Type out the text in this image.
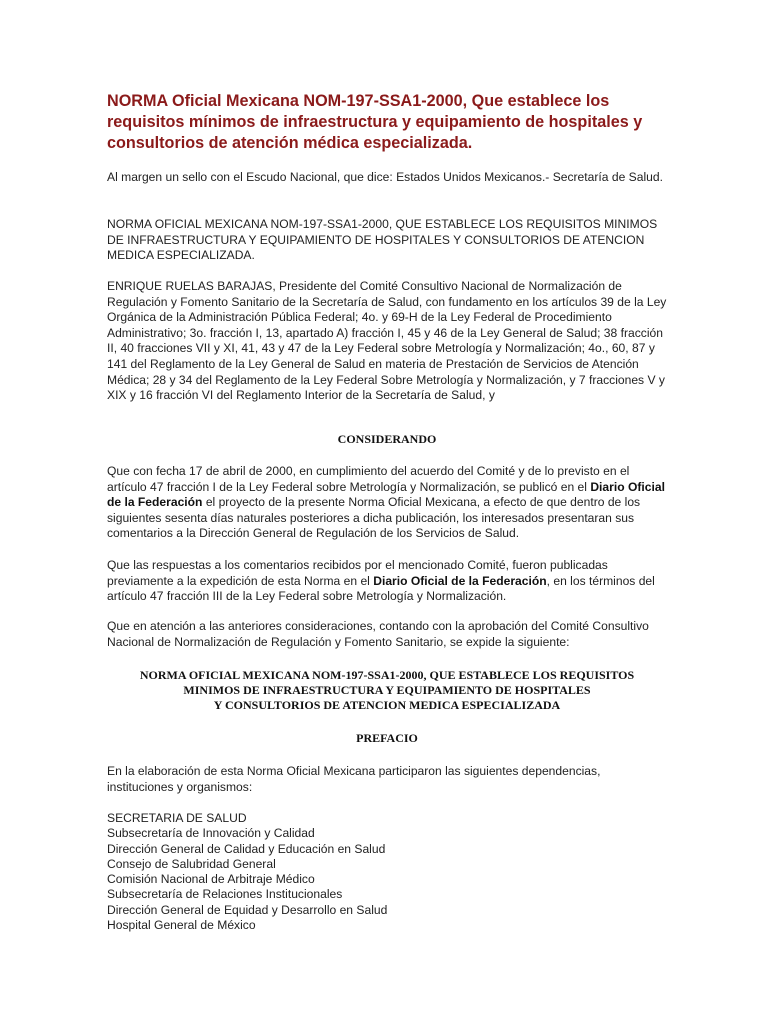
NORMA Oficial Mexicana NOM-197-SSA1-2000, Que establece los requisitos mínimos de infraestructura y equipamiento de hospitales y consultorios de atención médica especializada.

Al margen un sello con el Escudo Nacional, que dice: Estados Unidos Mexicanos.- Secretaría de Salud.

NORMA OFICIAL MEXICANA NOM-197-SSA1-2000, QUE ESTABLECE LOS REQUISITOS MINIMOS DE INFRAESTRUCTURA Y EQUIPAMIENTO DE HOSPITALES Y CONSULTORIOS DE ATENCION MEDICA ESPECIALIZADA.

ENRIQUE RUELAS BARAJAS, Presidente del Comité Consultivo Nacional de Normalización de Regulación y Fomento Sanitario de la Secretaría de Salud, con fundamento en los artículos 39 de la Ley Orgánica de la Administración Pública Federal; 4o. y 69-H de la Ley Federal de Procedimiento Administrativo; 3o. fracción I, 13, apartado A) fracción I, 45 y 46 de la Ley General de Salud; 38 fracción II, 40 fracciones VII y XI, 41, 43 y 47 de la Ley Federal sobre Metrología y Normalización; 4o., 60, 87 y 141 del Reglamento de la Ley General de Salud en materia de Prestación de Servicios de Atención Médica; 28 y 34 del Reglamento de la Ley Federal Sobre Metrología y Normalización, y 7 fracciones V y XIX y 16 fracción VI del Reglamento Interior de la Secretaría de Salud, y

CONSIDERANDO

Que con fecha 17 de abril de 2000, en cumplimiento del acuerdo del Comité y de lo previsto en el artículo 47 fracción I de la Ley Federal sobre Metrología y Normalización, se publicó en el Diario Oficial de la Federación el proyecto de la presente Norma Oficial Mexicana, a efecto de que dentro de los siguientes sesenta días naturales posteriores a dicha publicación, los interesados presentaran sus comentarios a la Dirección General de Regulación de los Servicios de Salud.

Que las respuestas a los comentarios recibidos por el mencionado Comité, fueron publicadas previamente a la expedición de esta Norma en el Diario Oficial de la Federación, en los términos del artículo 47 fracción III de la Ley Federal sobre Metrología y Normalización.

Que en atención a las anteriores consideraciones, contando con la aprobación del Comité Consultivo Nacional de Normalización de Regulación y Fomento Sanitario, se expide la siguiente:

NORMA OFICIAL MEXICANA NOM-197-SSA1-2000, QUE ESTABLECE LOS REQUISITOS
MINIMOS DE INFRAESTRUCTURA Y EQUIPAMIENTO DE HOSPITALES
Y CONSULTORIOS DE ATENCION MEDICA ESPECIALIZADA

PREFACIO

En la elaboración de esta Norma Oficial Mexicana participaron las siguientes dependencias, instituciones y organismos:

SECRETARIA DE SALUD
Subsecretaría de Innovación y Calidad
Dirección General de Calidad y Educación en Salud
Consejo de Salubridad General
Comisión Nacional de Arbitraje Médico
Subsecretaría de Relaciones Institucionales
Dirección General de Equidad y Desarrollo en Salud
Hospital General de México
